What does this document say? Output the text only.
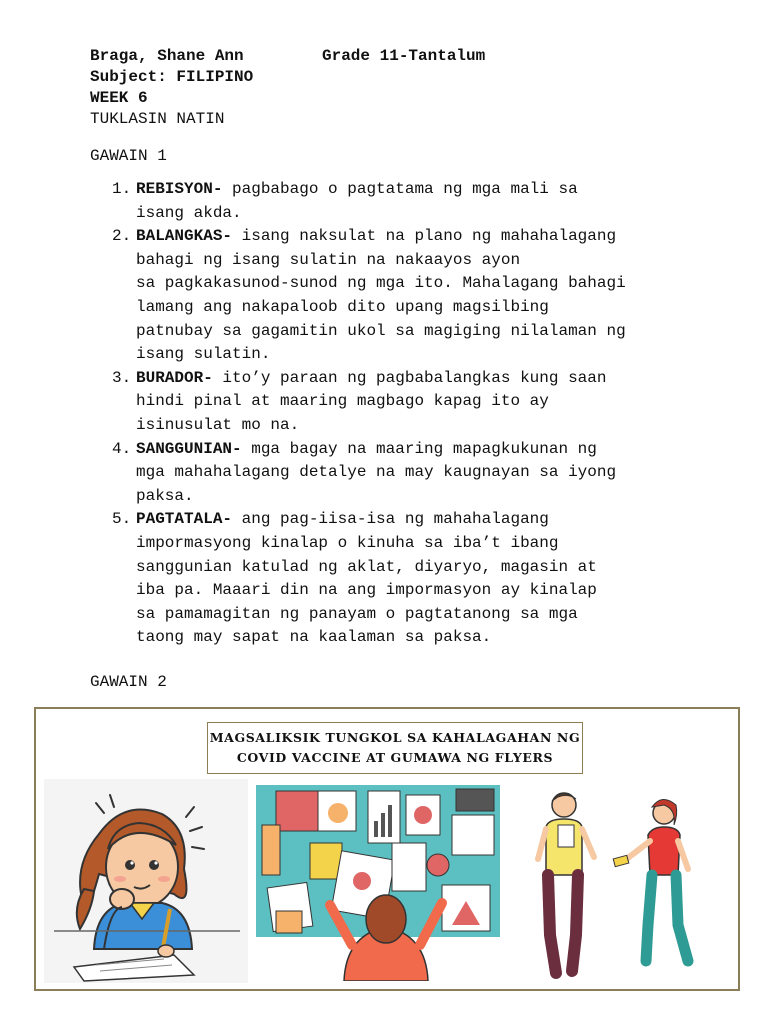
Braga, Shane Ann	Grade 11-Tantalum
Subject: FILIPINO
WEEK 6
TUKLASIN NATIN
GAWAIN 1
1. REBISYON- pagbabago o pagtatama ng mga mali sa
isang akda.
2. BALANGKAS- isang naksulat na plano ng mahahalagang
bahagi ng isang sulatin na nakaayos ayon
sa pagkakasunod-sunod ng mga ito. Mahalagang bahagi
lamang ang nakapaloob dito upang magsilbing
patnubay sa gagamitin ukol sa magiging nilalaman ng
isang sulatin.
3. BURADOR- ito’y paraan ng pagbabalangkas kung saan
hindi pinal at maaring magbago kapag ito ay
isinusulat mo na.
4. SANGGUNIAN- mga bagay na maaring mapagkukunan ng
mga mahahalagang detalye na may kaugnayan sa iyong
paksa.
5. PAGTATALA- ang pag-iisa-isa ng mahahalagang
impormasyong kinalap o kinuha sa iba’t ibang
sanggunian katulad ng aklat, diyaryo, magasin at
iba pa. Maaari din na ang impormasyon ay kinalap
sa pamamagitan ng panayam o pagtatanong sa mga
taong may sapat na kaalaman sa paksa.
GAWAIN 2
MAGSALIKSIK TUNGKOL SA KAHALAGAHAN NG
COVID VACCINE AT GUMAWA NG FLYERS
